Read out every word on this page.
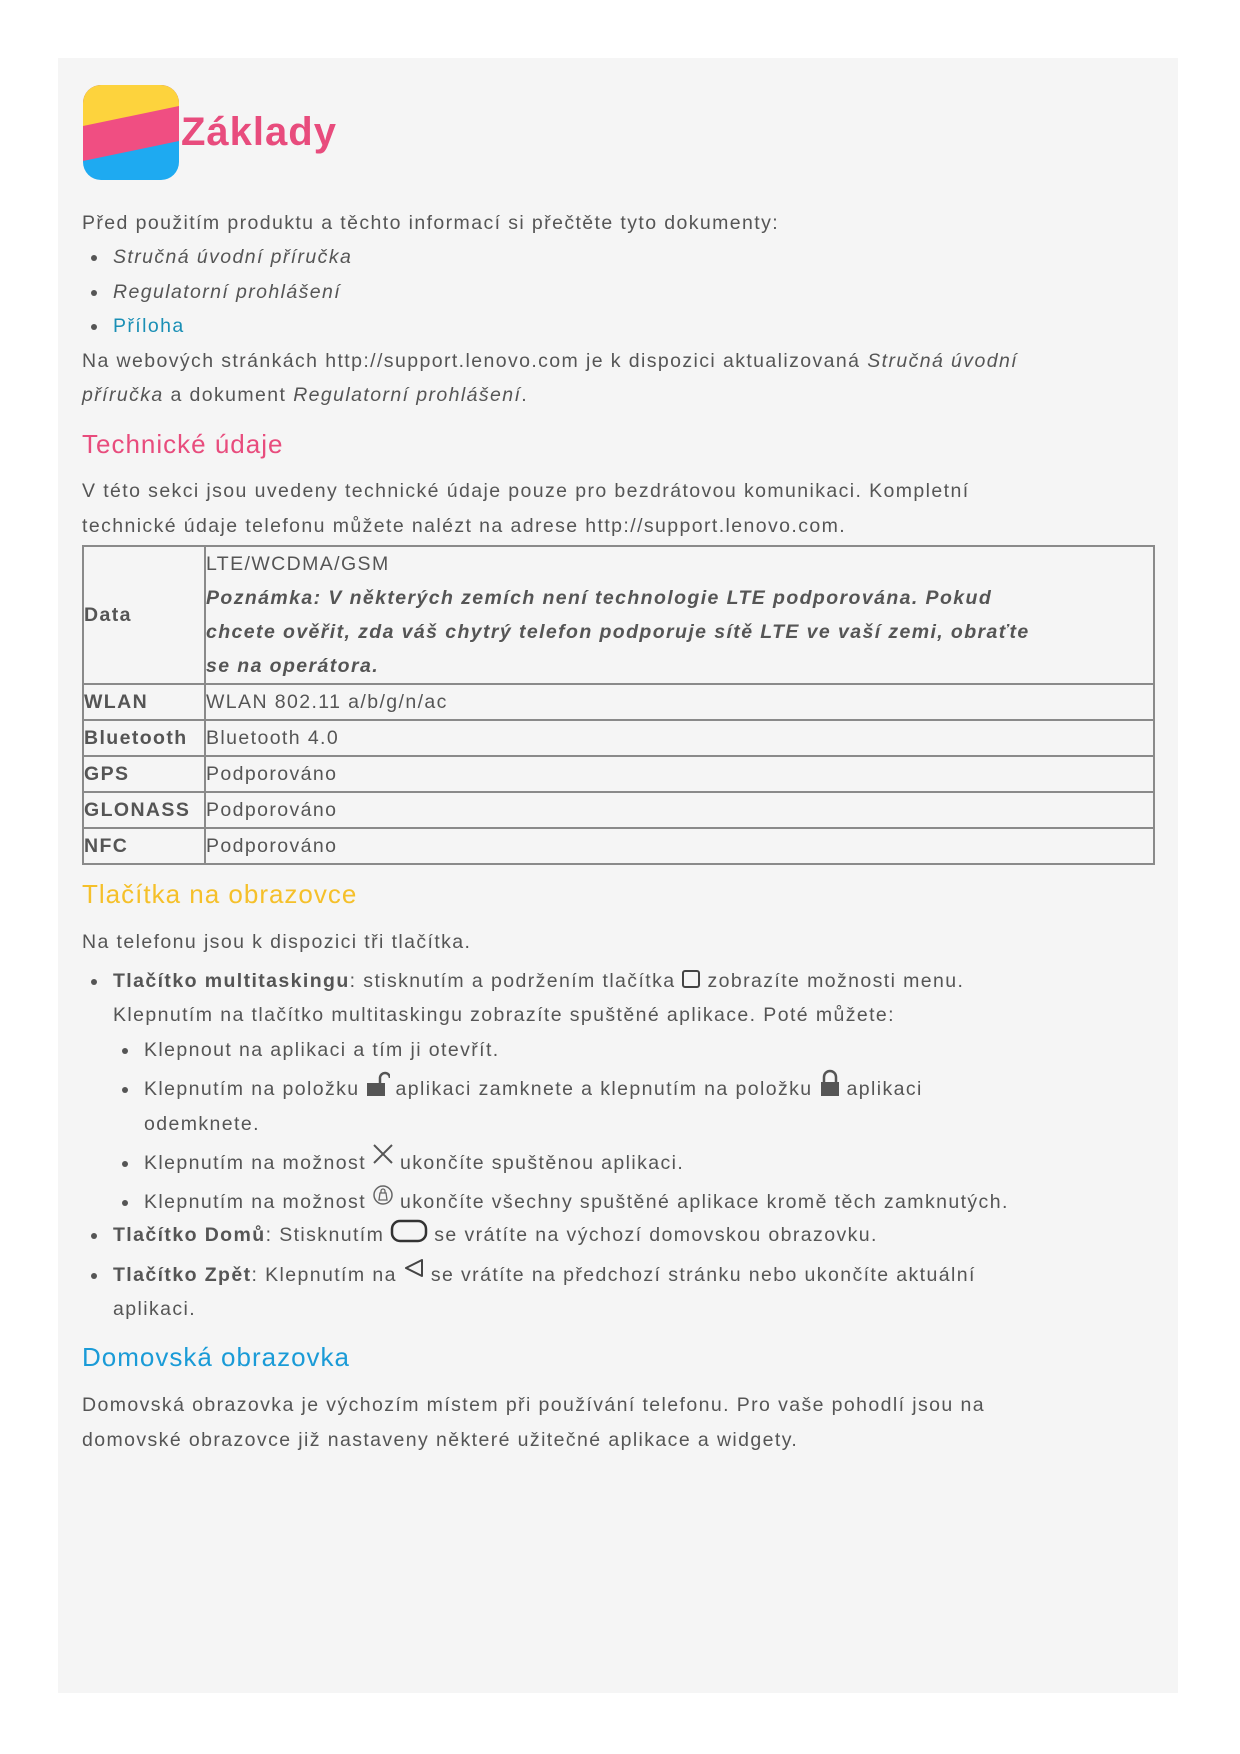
Základy
Před použitím produktu a těchto informací si přečtěte tyto dokumenty:
Stručná úvodní příručka
Regulatorní prohlášení
Příloha
Na webových stránkách http://support.lenovo.com je k dispozici aktualizovaná Stručná úvodní
příručka a dokument Regulatorní prohlášení.
Technické údaje
V této sekci jsou uvedeny technické údaje pouze pro bezdrátovou komunikaci. Kompletní
technické údaje telefonu můžete nalézt na adrese http://support.lenovo.com.
Data	LTE/WCDMA/GSM
Poznámka: V některých zemích není technologie LTE podporována. Pokud
chcete ověřit, zda váš chytrý telefon podporuje sítě LTE ve vaší zemi, obraťte
se na operátora.

WLAN	WLAN 802.11 a/b/g/n/ac
Bluetooth	Bluetooth 4.0
GPS	Podporováno
GLONASS	Podporováno
NFC	Podporováno
Tlačítka na obrazovce
Na telefonu jsou k dispozici tři tlačítka.
Tlačítko multitaskingu: stisknutím a podržením tlačítka zobrazíte možnosti menu.
Klepnutím na tlačítko multitaskingu zobrazíte spuštěné aplikace. Poté můžete:
Klepnout na aplikaci a tím ji otevřít.
Klepnutím na položku aplikaci zamknete a klepnutím na položku aplikaci
odemknete.
Klepnutím na možnost ukončíte spuštěnou aplikaci.
Klepnutím na možnost ukončíte všechny spuštěné aplikace kromě těch zamknutých.
Tlačítko Domů: Stisknutím	se vrátíte na výchozí domovskou obrazovku.
Tlačítko Zpět: Klepnutím na se vrátíte na předchozí stránku nebo ukončíte aktuální
aplikaci.
Domovská obrazovka
Domovská obrazovka je výchozím místem při používání telefonu. Pro vaše pohodlí jsou na
domovské obrazovce již nastaveny některé užitečné aplikace a widgety.
